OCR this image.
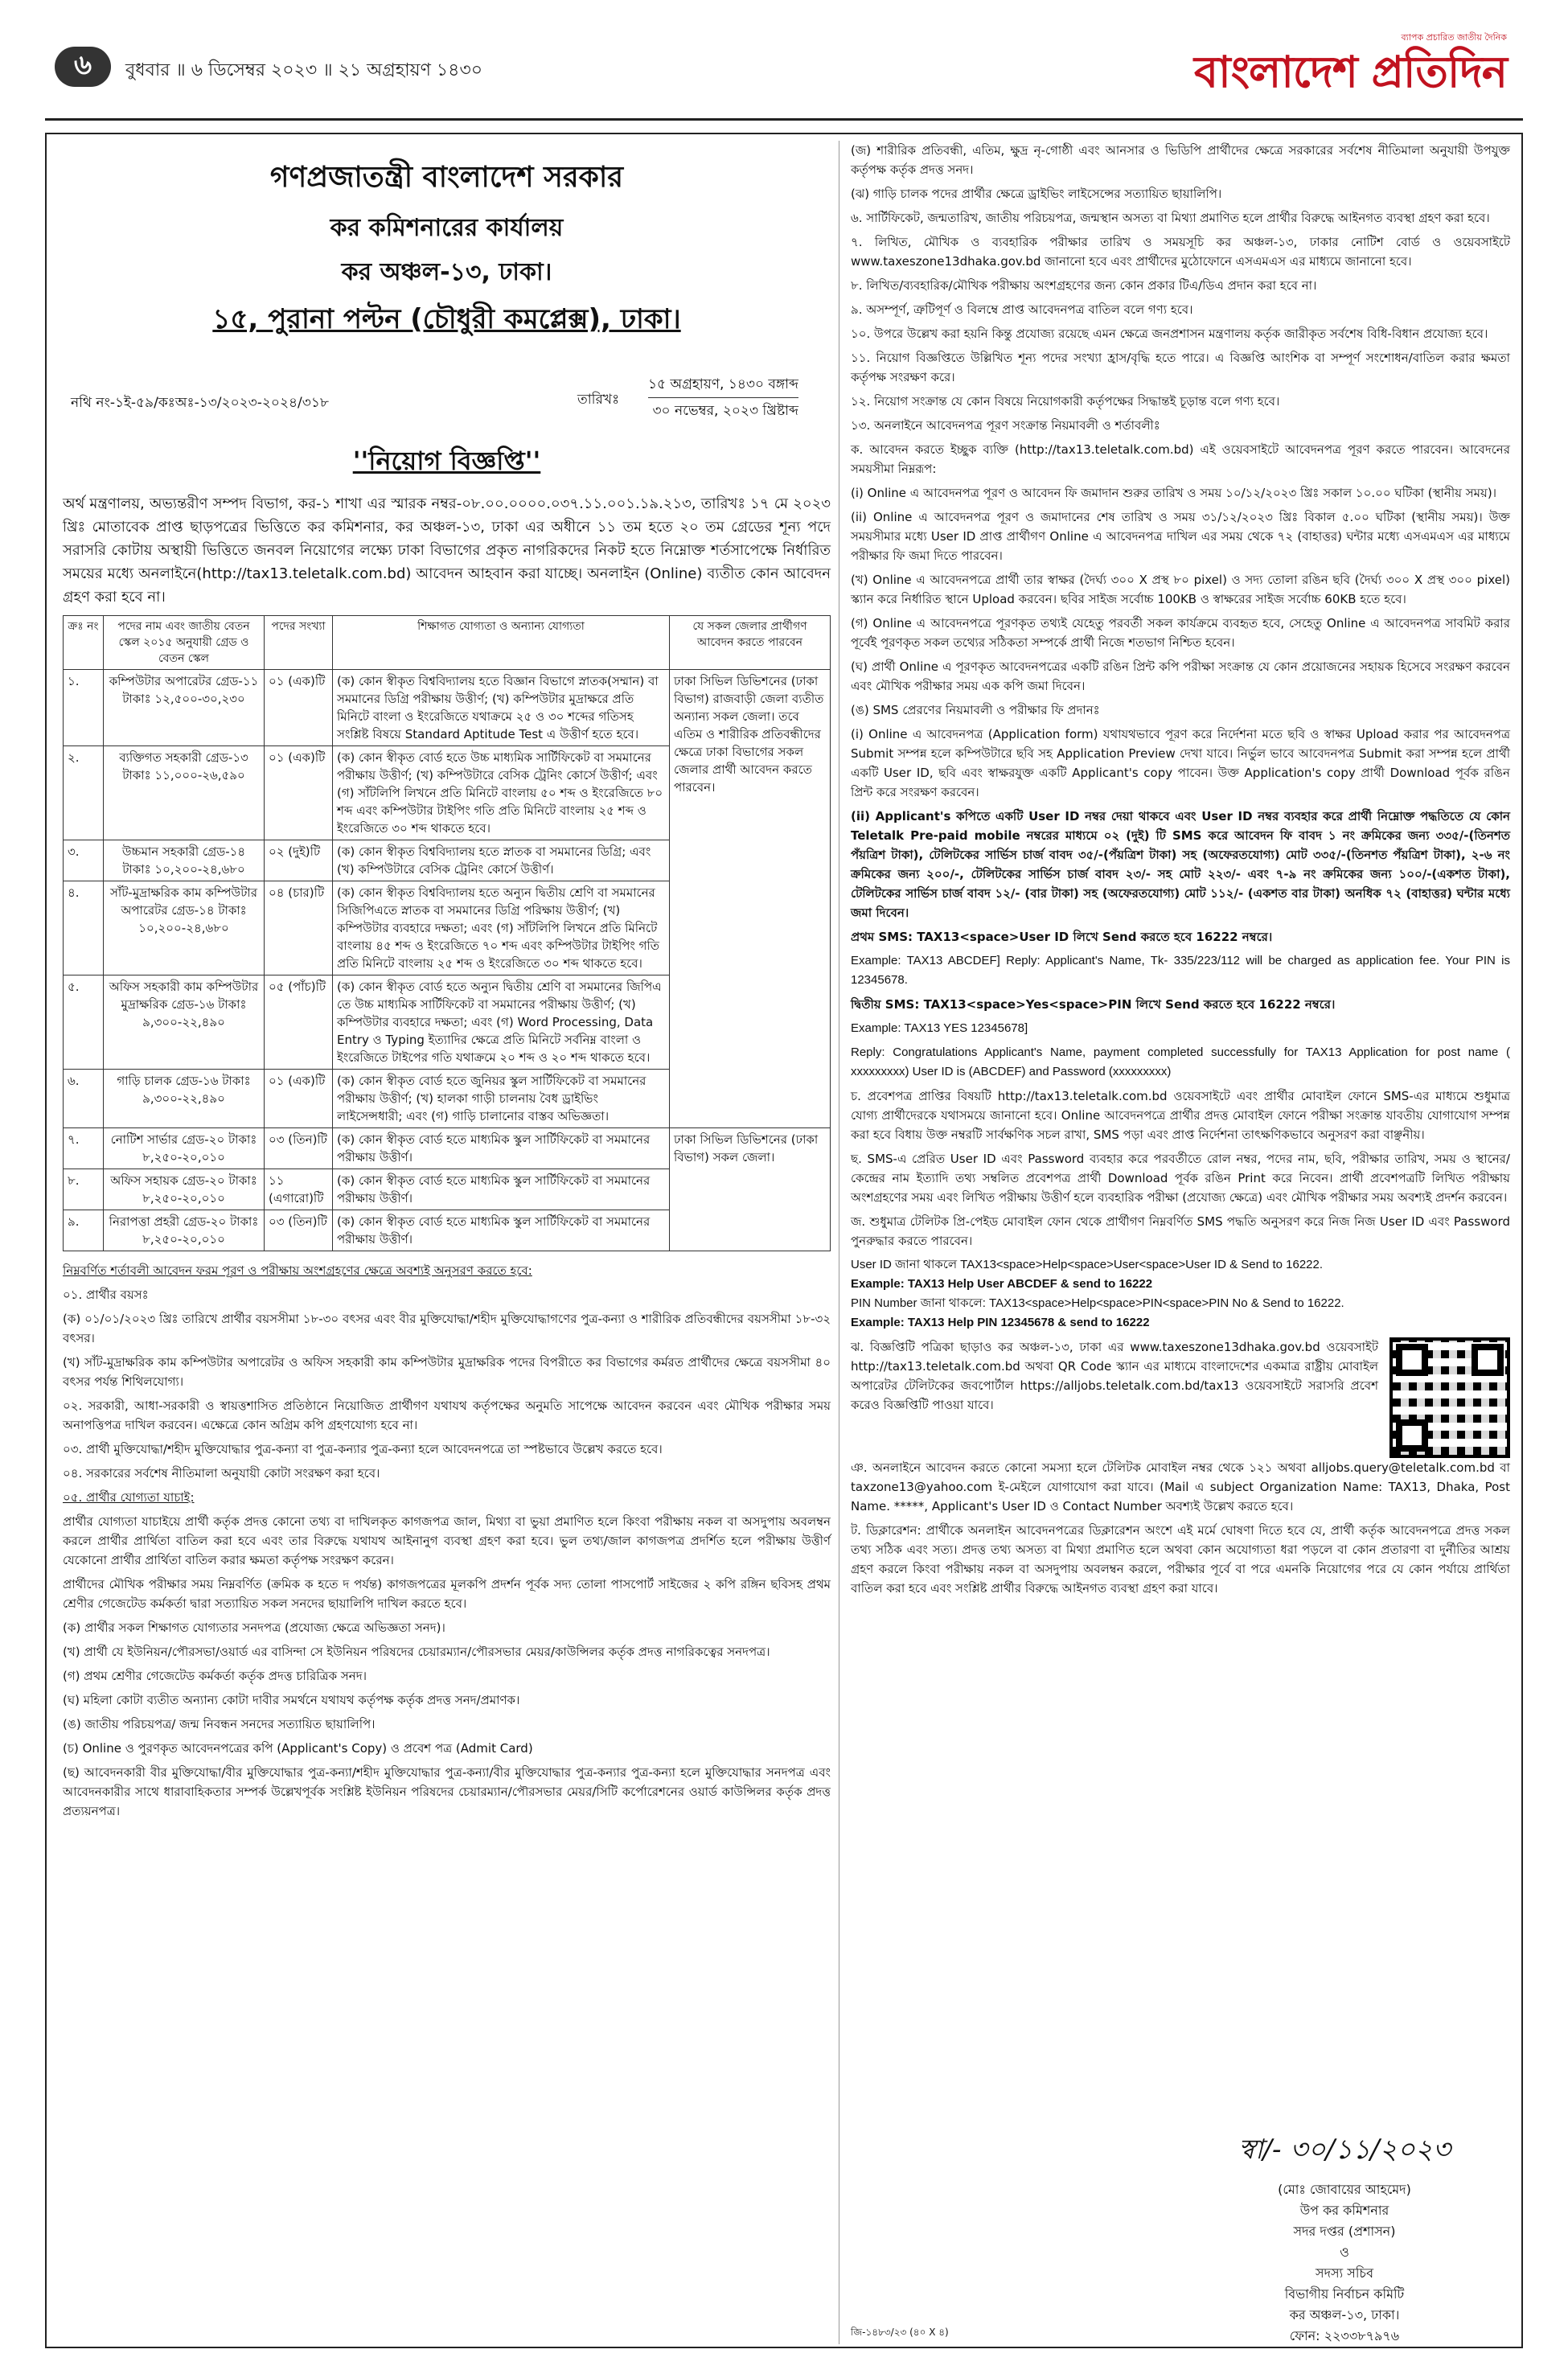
৬	বুধবার ॥ ৬ ডিসেম্বর ২০২৩ ॥ ২১ অগ্রহায়ণ ১৪৩০
ব্যাপক প্রচারিত জাতীয় দৈনিক
বাংলাদেশ প্রতিদিন
গণপ্রজাতন্ত্রী বাংলাদেশ সরকার
কর কমিশনারের কার্যালয়
কর অঞ্চল-১৩, ঢাকা।
১৫, পুরানা পল্টন (চৌধুরী কমপ্লেক্স), ঢাকা।
নথি নং-১ই-৫৯/কঃঅঃ-১৩/২০২৩-২০২৪/৩১৮	তারিখঃ
১৫ অগ্রহায়ণ, ১৪৩০ বঙ্গাব্দ
৩০ নভেম্বর, ২০২৩ খ্রিষ্টাব্দ
''নিয়োগ বিজ্ঞপ্তি''

অর্থ মন্ত্রণালয়, অভ্যন্তরীণ সম্পদ বিভাগ, কর-১ শাখা এর স্মারক নম্বর-০৮.০০.০০০০.০৩৭.১১.০০১.১৯.২১৩, তারিখঃ ১৭ মে ২০২৩ খ্রিঃ মোতাবেক প্রাপ্ত ছাড়পত্রের ভিত্তিতে কর কমিশনার, কর অঞ্চল-১৩, ঢাকা এর অধীনে ১১ তম হতে ২০ তম গ্রেডের শূন্য পদে সরাসরি কোটায় অস্থায়ী ভিত্তিতে জনবল নিয়োগের লক্ষ্যে ঢাকা বিভাগের প্রকৃত নাগরিকদের নিকট হতে নিম্নোক্ত শর্তসাপেক্ষে নির্ধারিত সময়ের মধ্যে অনলাইনে(http://tax13.teletalk.com.bd) আবেদন আহবান করা যাচ্ছে। অনলাইন (Online) ব্যতীত কোন আবেদন গ্রহণ করা হবে না।

ক্রঃ নং	পদের নাম এবং জাতীয় বেতন স্কেল ২০১৫ অনুযায়ী গ্রেড ও বেতন স্কেল	পদের সংখ্যা	শিক্ষাগত যোগ্যতা ও অন্যান্য যোগ্যতা	যে সকল জেলার প্রার্থীগণ আবেদন করতে পারবেন
১.	কম্পিউটার অপারেটর গ্রেড-১১ টাকাঃ ১২,৫০০-৩০,২৩০	০১ (এক)টি	(ক) কোন স্বীকৃত বিশ্ববিদ্যালয় হতে বিজ্ঞান বিভাগে স্নাতক(সম্মান) বা সমমানের ডিগ্রি পরীক্ষায় উত্তীর্ণ; (খ) কম্পিউটার মুদ্রাক্ষরে প্রতি মিনিটে বাংলা ও ইংরেজিতে যথাক্রমে ২৫ ও ৩০ শব্দের গতিসহ সংশ্লিষ্ট বিষয়ে Standard Aptitude Test এ উত্তীর্ণ হতে হবে।	ঢাকা সিভিল ডিভিশনের (ঢাকা বিভাগ) রাজবাড়ী জেলা ব্যতীত অন্যান্য সকল জেলা। তবে এতিম ও শারীরিক প্রতিবন্ধীদের ক্ষেত্রে ঢাকা বিভাগের সকল জেলার প্রার্থী আবেদন করতে পারবেন।
২.	ব্যক্তিগত সহকারী গ্রেড-১৩ টাকাঃ ১১,০০০-২৬,৫৯০	০১ (এক)টি	(ক) কোন স্বীকৃত বোর্ড হতে উচ্চ মাধ্যমিক সার্টিফিকেট বা সমমানের পরীক্ষায় উত্তীর্ণ; (খ) কম্পিউটারে বেসিক ট্রেনিং কোর্সে উত্তীর্ণ; এবং (গ) সাঁটলিপি লিখনে প্রতি মিনিটে বাংলায় ৫০ শব্দ ও ইংরেজিতে ৮০ শব্দ এবং কম্পিউটার টাইপিং গতি প্রতি মিনিটে বাংলায় ২৫ শব্দ ও ইংরেজিতে ৩০ শব্দ থাকতে হবে।	
৩.	উচ্চমান সহকারী গ্রেড-১৪ টাকাঃ ১০,২০০-২৪,৬৮০	০২ (দুই)টি	(ক) কোন স্বীকৃত বিশ্ববিদ্যালয় হতে স্নাতক বা সমমানের ডিগ্রি; এবং (খ) কম্পিউটারে বেসিক ট্রেনিং কোর্সে উত্তীর্ণ।	
৪.	সাঁট-মুদ্রাক্ষরিক কাম কম্পিউটার অপারেটর গ্রেড-১৪ টাকাঃ ১০,২০০-২৪,৬৮০	০৪ (চার)টি	(ক) কোন স্বীকৃত বিশ্ববিদ্যালয় হতে অন্যুন দ্বিতীয় শ্রেণি বা সমমানের সিজিপিএতে স্নাতক বা সমমানের ডিগ্রি পরিক্ষায় উত্তীর্ণ; (খ) কম্পিউটার ব্যবহারে দক্ষতা; এবং (গ) সাঁটলিপি লিখনে প্রতি মিনিটে বাংলায় ৪৫ শব্দ ও ইংরেজিতে ৭০ শব্দ এবং কম্পিউটার টাইপিং গতি প্রতি মিনিটে বাংলায় ২৫ শব্দ ও ইংরেজিতে ৩০ শব্দ থাকতে হবে।	
৫.	অফিস সহকারী কাম কম্পিউটার মুদ্রাক্ষরিক গ্রেড-১৬ টাকাঃ ৯,৩০০-২২,৪৯০	০৫ (পাঁচ)টি	(ক) কোন স্বীকৃত বোর্ড হতে অন্যুন দ্বিতীয় শ্রেণি বা সমমানের জিপিএ তে উচ্চ মাধ্যমিক সার্টিফিকেট বা সমমানের পরীক্ষায় উত্তীর্ণ; (খ) কম্পিউটার ব্যবহারে দক্ষতা; এবং (গ) Word Processing, Data Entry ও Typing ইত্যাদির ক্ষেত্রে প্রতি মিনিটে সর্বনিম্ন বাংলা ও ইংরেজিতে টাইপের গতি যথাক্রমে ২০ শব্দ ও ২০ শব্দ থাকতে হবে।	
৬.	গাড়ি চালক গ্রেড-১৬ টাকাঃ ৯,৩০০-২২,৪৯০	০১ (এক)টি	(ক) কোন স্বীকৃত বোর্ড হতে জুনিয়র স্কুল সার্টিফিকেট বা সমমানের পরীক্ষায় উত্তীর্ণ; (খ) হালকা গাড়ী চালনায় বৈধ ড্রাইভিং লাইসেন্সধারী; এবং (গ) গাড়ি চালানোর বাস্তব অভিজ্ঞতা।	
৭.	নোটিশ সার্ভার গ্রেড-২০ টাকাঃ ৮,২৫০-২০,০১০	০৩ (তিন)টি	(ক) কোন স্বীকৃত বোর্ড হতে মাধ্যমিক স্কুল সার্টিফিকেট বা সমমানের পরীক্ষায় উত্তীর্ণ।	ঢাকা সিভিল ডিভিশনের (ঢাকা বিভাগ) সকল জেলা।
৮.	অফিস সহায়ক গ্রেড-২০ টাকাঃ ৮,২৫০-২০,০১০	১১ (এগারো)টি	(ক) কোন স্বীকৃত বোর্ড হতে মাধ্যমিক স্কুল সার্টিফিকেট বা সমমানের পরীক্ষায় উত্তীর্ণ।	
৯.	নিরাপত্তা প্রহরী গ্রেড-২০ টাকাঃ ৮,২৫০-২০,০১০	০৩ (তিন)টি	(ক) কোন স্বীকৃত বোর্ড হতে মাধ্যমিক স্কুল সার্টিফিকেট বা সমমানের পরীক্ষায় উত্তীর্ণ।	

নিম্নবর্ণিত শর্তাবলী আবেদন ফরম পূরণ ও পরীক্ষায় অংশগ্রহণের ক্ষেত্রে অবশ্যই অনুসরণ করতে হবে:

০১. প্রার্থীর বয়সঃ

(ক) ০১/০১/২০২৩ খ্রিঃ তারিখে প্রার্থীর বয়সসীমা ১৮-৩০ বৎসর এবং বীর মুক্তিযোদ্ধা/শহীদ মুক্তিযোদ্ধাগণের পুত্র-কন্যা ও শারীরিক প্রতিবন্ধীদের বয়সসীমা ১৮-৩২ বৎসর।

(খ) সাঁট-মুদ্রাক্ষরিক কাম কম্পিউটার অপারেটর ও অফিস সহকারী কাম কম্পিউটার মুদ্রাক্ষরিক পদের বিপরীতে কর বিভাগের কর্মরত প্রার্থীদের ক্ষেত্রে বয়সসীমা ৪০ বৎসর পর্যন্ত শিথিলযোগ্য।

০২. সরকারী, আধা-সরকারী ও স্বায়ত্তশাসিত প্রতিষ্ঠানে নিয়োজিত প্রার্থীগণ যথাযথ কর্তৃপক্ষের অনুমতি সাপেক্ষে আবেদন করবেন এবং মৌখিক পরীক্ষার সময় অনাপত্তিপত্র দাখিল করবেন। এক্ষেত্রে কোন অগ্রিম কপি গ্রহণযোগ্য হবে না।

০৩. প্রার্থী মুক্তিযোদ্ধা/শহীদ মুক্তিযোদ্ধার পুত্র-কন্যা বা পুত্র-কন্যার পুত্র-কন্যা হলে আবেদনপত্রে তা স্পষ্টভাবে উল্লেখ করতে হবে।

০৪. সরকারের সর্বশেষ নীতিমালা অনুযায়ী কোটা সংরক্ষণ করা হবে।

০৫. প্রার্থীর যোগ্যতা যাচাই:

প্রার্থীর যোগ্যতা যাচাইয়ে প্রার্থী কর্তৃক প্রদত্ত কোনো তথ্য বা দাখিলকৃত কাগজপত্র জাল, মিথ্যা বা ভুয়া প্রমাণিত হলে কিংবা পরীক্ষায় নকল বা অসদুপায় অবলম্বন করলে প্রার্থীর প্রার্থিতা বাতিল করা হবে এবং তার বিরুদ্ধে যথাযথ আইনানুগ ব্যবস্থা গ্রহণ করা হবে। ভুল তথ্য/জাল কাগজপত্র প্রদর্শিত হলে পরীক্ষায় উত্তীর্ণ যেকোনো প্রার্থীর প্রার্থিতা বাতিল করার ক্ষমতা কর্তৃপক্ষ সংরক্ষণ করেন।

প্রার্থীদের মৌখিক পরীক্ষার সময় নিম্নবর্ণিত (ক্রমিক ক হতে দ পর্যন্ত) কাগজপত্রের মূলকপি প্রদর্শন পূর্বক সদ্য তোলা পাসপোর্ট সাইজের ২ কপি রঙ্গিন ছবিসহ প্রথম শ্রেণীর গেজেটেড কর্মকর্তা দ্বারা সত্যায়িত সকল সনদের ছায়ালিপি দাখিল করতে হবে।

(ক) প্রার্থীর সকল শিক্ষাগত যোগ্যতার সনদপত্র (প্রযোজ্য ক্ষেত্রে অভিজ্ঞতা সনদ)।

(খ) প্রার্থী যে ইউনিয়ন/পৌরসভা/ওয়ার্ড এর বাসিন্দা সে ইউনিয়ন পরিষদের চেয়ারম্যান/পৌরসভার মেয়র/কাউন্সিলর কর্তৃক প্রদত্ত নাগরিকত্বের সনদপত্র।

(গ) প্রথম শ্রেণীর গেজেটেড কর্মকর্তা কর্তৃক প্রদত্ত চারিত্রিক সনদ।

(ঘ) মহিলা কোটা ব্যতীত অন্যান্য কোটা দাবীর সমর্থনে যথাযথ কর্তৃপক্ষ কর্তৃক প্রদত্ত সনদ/প্রমাণক।

(ঙ) জাতীয় পরিচয়পত্র/ জন্ম নিবন্ধন সনদের সত্যায়িত ছায়ালিপি।

(চ) Online ও পুরণকৃত আবেদনপত্রের কপি (Applicant's Copy) ও প্রবেশ পত্র (Admit Card)

(ছ) আবেদনকারী বীর মুক্তিযোদ্ধা/বীর মুক্তিযোদ্ধার পুত্র-কন্যা/শহীদ মুক্তিযোদ্ধার পুত্র-কন্যা/বীর মুক্তিযোদ্ধার পুত্র-কন্যার পুত্র-কন্যা হলে মুক্তিযোদ্ধার সনদপত্র এবং আবেদনকারীর সাথে ধারাবাহিকতার সম্পর্ক উল্লেখপূর্বক সংশ্লিষ্ট ইউনিয়ন পরিষদের চেয়ারম্যান/পৌরসভার মেয়র/সিটি কর্পোরেশনের ওয়ার্ড কাউন্সিলর কর্তৃক প্রদত্ত প্রত্যয়নপত্র।

(জ) শারীরিক প্রতিবন্ধী, এতিম, ক্ষুদ্র নৃ-গোষ্ঠী এবং আনসার ও ভিডিপি প্রার্থীদের ক্ষেত্রে সরকারের সর্বশেষ নীতিমালা অনুযায়ী উপযুক্ত কর্তৃপক্ষ কর্তৃক প্রদত্ত সনদ।

(ঝ) গাড়ি চালক পদের প্রার্থীর ক্ষেত্রে ড্রাইভিং লাইসেন্সের সত্যায়িত ছায়ালিপি।

৬. সার্টিফিকেট, জন্মতারিখ, জাতীয় পরিচয়পত্র, জন্মস্থান অসত্য বা মিথ্যা প্রমাণিত হলে প্রার্থীর বিরুদ্ধে আইনগত ব্যবস্থা গ্রহণ করা হবে।

৭. লিখিত, মৌখিক ও ব্যবহারিক পরীক্ষার তারিখ ও সময়সূচি কর অঞ্চল-১৩, ঢাকার নোটিশ বোর্ড ও ওয়েবসাইটে www.taxeszone13dhaka.gov.bd জানানো হবে এবং প্রার্থীদের মুঠোফোনে এসএমএস এর মাধ্যমে জানানো হবে।

৮. লিখিত/ব্যবহারিক/মৌখিক পরীক্ষায় অংশগ্রহণের জন্য কোন প্রকার টিএ/ডিএ প্রদান করা হবে না।

৯. অসম্পূর্ণ, ত্রুটিপূর্ণ ও বিলম্বে প্রাপ্ত আবেদনপত্র বাতিল বলে গণ্য হবে।

১০. উপরে উল্লেখ করা হয়নি কিন্তু প্রযোজ্য রয়েছে এমন ক্ষেত্রে জনপ্রশাসন মন্ত্রণালয় কর্তৃক জারীকৃত সর্বশেষ বিধি-বিধান প্রযোজ্য হবে।

১১. নিয়োগ বিজ্ঞপ্তিতে উল্লিখিত শূন্য পদের সংখ্যা হ্রাস/বৃদ্ধি হতে পারে। এ বিজ্ঞপ্তি আংশিক বা সম্পূর্ণ সংশোধন/বাতিল করার ক্ষমতা কর্তৃপক্ষ সংরক্ষণ করে।

১২. নিয়োগ সংক্রান্ত যে কোন বিষয়ে নিয়োগকারী কর্তৃপক্ষের সিদ্ধান্তই চূড়ান্ত বলে গণ্য হবে।

১৩. অনলাইনে আবেদনপত্র পূরণ সংক্রান্ত নিয়মাবলী ও শর্তাবলীঃ

ক. আবেদন করতে ইচ্ছুক ব্যক্তি (http://tax13.teletalk.com.bd) এই ওয়েবসাইটে আবেদনপত্র পূরণ করতে পারবেন। আবেদনের সময়সীমা নিম্নরূপ:

(i) Online এ আবেদনপত্র পূরণ ও আবেদন ফি জমাদান শুরুর তারিখ ও সময় ১০/১২/২০২৩ খ্রিঃ সকাল ১০.০০ ঘটিকা (স্থানীয় সময়)।

(ii) Online এ আবেদনপত্র পূরণ ও জমাদানের শেষ তারিখ ও সময় ৩১/১২/২০২৩ খ্রিঃ বিকাল ৫.০০ ঘটিকা (স্থানীয় সময়)। উক্ত সময়সীমার মধ্যে User ID প্রাপ্ত প্রার্থীগণ Online এ আবেদনপত্র দাখিল এর সময় থেকে ৭২ (বাহাত্তর) ঘন্টার মধ্যে এসএমএস এর মাধ্যমে পরীক্ষার ফি জমা দিতে পারবেন।

(খ) Online এ আবেদনপত্রে প্রার্থী তার স্বাক্ষর (দৈর্ঘ্য ৩০০ X প্রস্থ ৮০ pixel) ও সদ্য তোলা রঙিন ছবি (দৈর্ঘ্য ৩০০ X প্রস্থ ৩০০ pixel) স্ক্যান করে নির্ধারিত স্থানে Upload করবেন। ছবির সাইজ সর্বোচ্চ 100KB ও স্বাক্ষরের সাইজ সর্বোচ্চ 60KB হতে হবে।

(গ) Online এ আবেদনপত্রে পূরণকৃত তথ্যই যেহেতু পরবর্তী সকল কার্যক্রমে ব্যবহৃত হবে, সেহেতু Online এ আবেদনপত্র সাবমিট করার পূর্বেই পূরণকৃত সকল তথ্যের সঠিকতা সম্পর্কে প্রার্থী নিজে শতভাগ নিশ্চিত হবেন।

(ঘ) প্রার্থী Online এ পূরণকৃত আবেদনপত্রের একটি রঙিন প্রিন্ট কপি পরীক্ষা সংক্রান্ত যে কোন প্রয়োজনের সহায়ক হিসেবে সংরক্ষণ করবেন এবং মৌখিক পরীক্ষার সময় এক কপি জমা দিবেন।

(ঙ) SMS প্রেরণের নিয়মাবলী ও পরীক্ষার ফি প্রদানঃ

(i) Online এ আবেদনপত্র (Application form) যথাযথভাবে পূরণ করে নির্দেশনা মতে ছবি ও স্বাক্ষর Upload করার পর আবেদনপত্র Submit সম্পন্ন হলে কম্পিউটারে ছবি সহ Application Preview দেখা যাবে। নির্ভুল ভাবে আবেদনপত্র Submit করা সম্পন্ন হলে প্রার্থী একটি User ID, ছবি এবং স্বাক্ষরযুক্ত একটি Applicant's copy পাবেন। উক্ত Application's copy প্রার্থী Download পূর্বক রঙিন প্রিন্ট করে সংরক্ষণ করবেন।

(ii) Applicant's কপিতে একটি User ID নম্বর দেয়া থাকবে এবং User ID নম্বর ব্যবহার করে প্রার্থী নিম্নোক্ত পদ্ধতিতে যে কোন Teletalk Pre-paid mobile নম্বরের মাধ্যমে ০২ (দুই) টি SMS করে আবেদন ফি বাবদ ১ নং ক্রমিকের জন্য ৩৩৫/-(তিনশত পঁয়ত্রিশ টাকা), টেলিটকের সার্ভিস চার্জ বাবদ ৩৫/-(পঁয়ত্রিশ টাকা) সহ (অফেরতযোগ্য) মোট ৩৩৫/-(তিনশত পঁয়ত্রিশ টাকা), ২-৬ নং ক্রমিকের জন্য ২০০/-, টেলিটকের সার্ভিস চার্জ বাবদ ২৩/- সহ মোট ২২৩/- এবং ৭-৯ নং ক্রমিকের জন্য ১০০/-(একশত টাকা), টেলিটকের সার্ভিস চার্জ বাবদ ১২/- (বার টাকা) সহ (অফেরতযোগ্য) মোট ১১২/- (একশত বার টাকা) অনধিক ৭২ (বাহাত্তর) ঘন্টার মধ্যে জমা দিবেন।

প্রথম SMS: TAX13<space>User ID লিখে Send করতে হবে 16222 নম্বরে।

Example: TAX13 ABCDEF] Reply: Applicant's Name, Tk- 335/223/112 will be charged as application fee. Your PIN is 12345678.

দ্বিতীয় SMS: TAX13<space>Yes<space>PIN লিখে Send করতে হবে 16222 নম্বরে।

Example: TAX13 YES 12345678]

Reply: Congratulations Applicant's Name, payment completed successfully for TAX13 Application for post name ( xxxxxxxxx) User ID is (ABCDEF) and Password (xxxxxxxxx)

চ. প্রবেশপত্র প্রাপ্তির বিষয়টি http://tax13.teletalk.com.bd ওয়েবসাইটে এবং প্রার্থীর মোবাইল ফোনে SMS-এর মাধ্যমে শুধুমাত্র যোগ্য প্রার্থীদেরকে যথাসময়ে জানানো হবে। Online আবেদনপত্রে প্রার্থীর প্রদত্ত মোবাইল ফোনে পরীক্ষা সংক্রান্ত যাবতীয় যোগাযোগ সম্পন্ন করা হবে বিধায় উক্ত নম্বরটি সার্বক্ষণিক সচল রাখা, SMS পড়া এবং প্রাপ্ত নির্দেশনা তাৎক্ষণিকভাবে অনুসরণ করা বাঞ্ছনীয়।

ছ. SMS-এ প্রেরিত User ID এবং Password ব্যবহার করে পরবর্তীতে রোল নম্বর, পদের নাম, ছবি, পরীক্ষার তারিখ, সময় ও স্থানের/কেন্দ্রের নাম ইত্যাদি তথ্য সম্বলিত প্রবেশপত্র প্রার্থী Download পূর্বক রঙিন Print করে নিবেন। প্রার্থী প্রবেশপত্রটি লিখিত পরীক্ষায় অংশগ্রহণের সময় এবং লিখিত পরীক্ষায় উত্তীর্ণ হলে ব্যবহারিক পরীক্ষা (প্রযোজ্য ক্ষেত্রে) এবং মৌখিক পরীক্ষার সময় অবশ্যই প্রদর্শন করবেন।

জ. শুধুমাত্র টেলিটক প্রি-পেইড মোবাইল ফোন থেকে প্রার্থীগণ নিম্নবর্ণিত SMS পদ্ধতি অনুসরণ করে নিজ নিজ User ID এবং Password পুনরুদ্ধার করতে পারবেন।

User ID জানা থাকলে TAX13<space>Help<space>User<space>User ID & Send to 16222.

Example: TAX13 Help User ABCDEF & send to 16222

PIN Number জানা থাকলে: TAX13<space>Help<space>PIN<space>PIN No & Send to 16222.

Example: TAX13 Help PIN 12345678 & send to 16222

ঝ. বিজ্ঞপ্তিটি পত্রিকা ছাড়াও কর অঞ্চল-১৩, ঢাকা এর www.taxeszone13dhaka.gov.bd ওয়েবসাইট http://tax13.teletalk.com.bd অথবা QR Code স্ক্যান এর মাধ্যমে বাংলাদেশের একমাত্র রাষ্ট্রীয় মোবাইল অপারেটর টেলিটকের জবপোর্টাল https://alljobs.teletalk.com.bd/tax13 ওয়েবসাইটে সরাসরি প্রবেশ করেও বিজ্ঞপ্তিটি পাওয়া যাবে।

ঞ. অনলাইনে আবেদন করতে কোনো সমস্যা হলে টেলিটক মোবাইল নম্বর থেকে ১২১ অথবা alljobs.query@teletalk.com.bd বা taxzone13@yahoo.com ই-মেইলে যোগাযোগ করা যাবে। (Mail এ subject Organization Name: TAX13, Dhaka, Post Name. *****, Applicant's User ID ও Contact Number অবশ্যই উল্লেখ করতে হবে।

ট. ডিক্লারেশন: প্রার্থীকে অনলাইন আবেদনপত্রের ডিক্লারেশন অংশে এই মর্মে ঘোষণা দিতে হবে যে, প্রার্থী কর্তৃক আবেদনপত্রে প্রদত্ত সকল তথ্য সঠিক এবং সত্য। প্রদত্ত তথ্য অসত্য বা মিথ্যা প্রমাণিত হলে অথবা কোন অযোগ্যতা ধরা পড়লে বা কোন প্রতারণা বা দুর্নীতির আশ্রয় গ্রহণ করলে কিংবা পরীক্ষায় নকল বা অসদুপায় অবলম্বন করলে, পরীক্ষার পূর্বে বা পরে এমনকি নিয়োগের পরে যে কোন পর্যায়ে প্রার্থিতা বাতিল করা হবে এবং সংশ্লিষ্ট প্রার্থীর বিরুদ্ধে আইনগত ব্যবস্থা গ্রহণ করা যাবে।

স্বা/- ৩০/১১/২০২৩
(মোঃ জোবায়ের আহমেদ)
উপ কর কমিশনার
সদর দপ্তর (প্রশাসন)
ও
সদস্য সচিব
বিভাগীয় নির্বাচন কমিটি
কর অঞ্চল-১৩, ঢাকা।
ফোন: ২২৩৩৮৭৯৭৬
জি-১৪৮৩/২৩ (৪০ X ৪)
